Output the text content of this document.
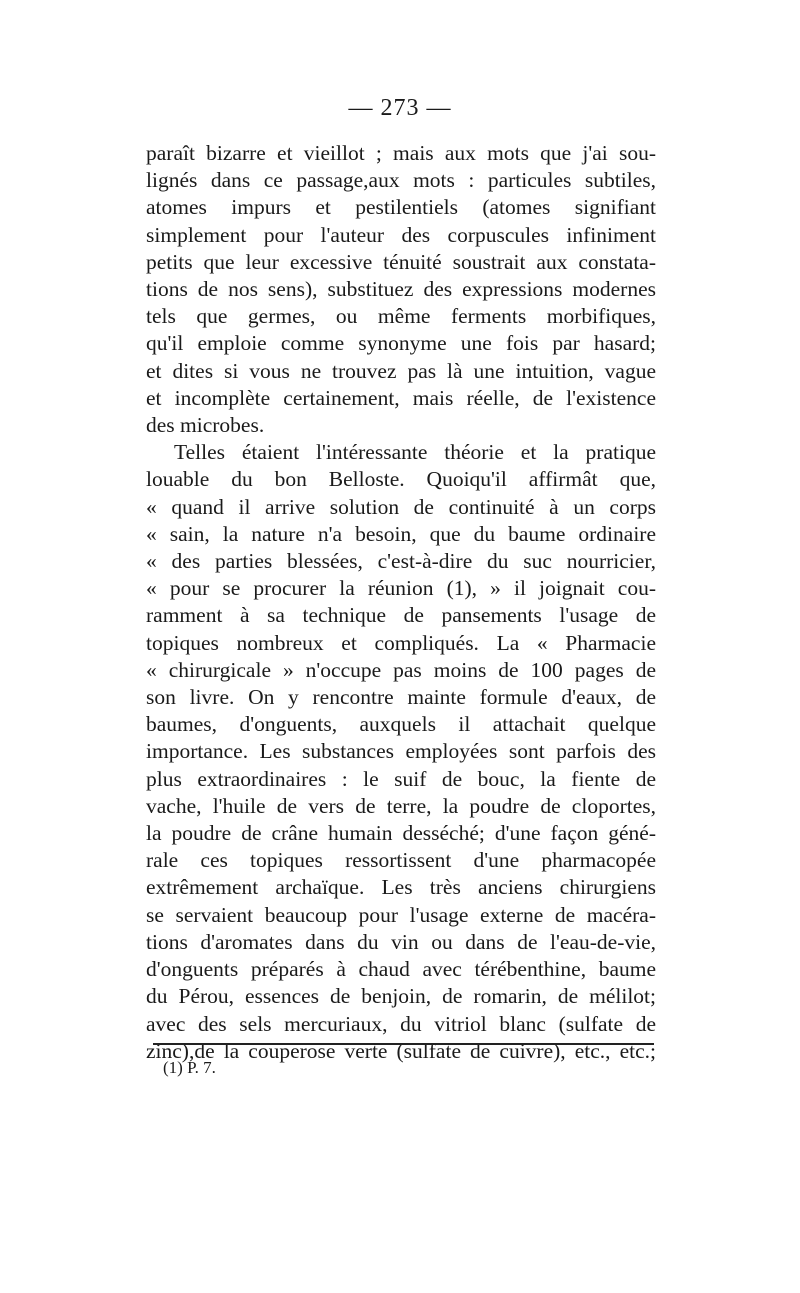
— 273 —
paraît bizarre et vieillot ; mais aux mots que j'ai sou-
lignés dans ce passage,aux mots : particules subtiles,
atomes impurs et pestilentiels (atomes signifiant
simplement pour l'auteur des corpuscules infiniment
petits que leur excessive ténuité soustrait aux constata-
tions de nos sens), substituez des expressions modernes
tels que germes, ou même ferments morbifiques,
qu'il emploie comme synonyme une fois par hasard;
et dites si vous ne trouvez pas là une intuition, vague
et incomplète certainement, mais réelle, de l'existence
des microbes.
Telles étaient l'intéressante théorie et la pratique
louable du bon Belloste. Quoiqu'il affirmât que,
« quand il arrive solution de continuité à un corps
« sain, la nature n'a besoin, que du baume ordinaire
« des parties blessées, c'est-à-dire du suc nourricier,
« pour se procurer la réunion (1), » il joignait cou-
ramment à sa technique de pansements l'usage de
topiques nombreux et compliqués. La « Pharmacie
« chirurgicale » n'occupe pas moins de 100 pages de
son livre. On y rencontre mainte formule d'eaux, de
baumes, d'onguents, auxquels il attachait quelque
importance. Les substances employées sont parfois des
plus extraordinaires : le suif de bouc, la fiente de
vache, l'huile de vers de terre, la poudre de cloportes,
la poudre de crâne humain desséché; d'une façon géné-
rale ces topiques ressortissent d'une pharmacopée
extrêmement archaïque. Les très anciens chirurgiens
se servaient beaucoup pour l'usage externe de macéra-
tions d'aromates dans du vin ou dans de l'eau-de-vie,
d'onguents préparés à chaud avec térébenthine, baume
du Pérou, essences de benjoin, de romarin, de mélilot;
avec des sels mercuriaux, du vitriol blanc (sulfate de
zinc),de la couperose verte (sulfate de cuivre), etc., etc.;
(1) P. 7.
